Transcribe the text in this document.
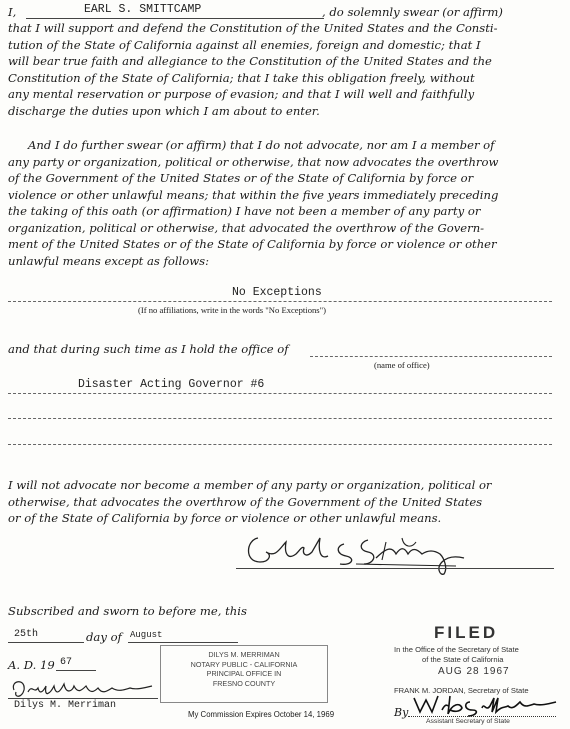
I,	EARL S. SMITTCAMP	, do solemnly swear (or affirm)
that I will support and defend the Constitution of the United States and the Consti-
tution of the State of California against all enemies, foreign and domestic; that I
will bear true faith and allegiance to the Constitution of the United States and the
Constitution of the State of California; that I take this obligation freely, without
any mental reservation or purpose of evasion; and that I will well and faithfully
discharge the duties upon which I am about to enter.
And I do further swear (or affirm) that I do not advocate, nor am I a member of
any party or organization, political or otherwise, that now advocates the overthrow
of the Government of the United States or of the State of California by force or
violence or other unlawful means; that within the five years immediately preceding
the taking of this oath (or affirmation) I have not been a member of any party or
organization, political or otherwise, that advocated the overthrow of the Govern-
ment of the United States or of the State of California by force or violence or other
unlawful means except as follows:
No Exceptions
(If no affiliations, write in the words "No Exceptions")
and that during such time as I hold the office of
(name of office)
Disaster Acting Governor #6
I will not advocate nor become a member of any party or organization, political or
otherwise, that advocates the overthrow of the Government of the United States
or of the State of California by force or violence or other unlawful means.
Subscribed and sworn to before me, this
25th	day of August
A. D. 19 67
Dilys M. Merriman
My Commission Expires October 14, 1969
DILYS M. MERRIMAN
NOTARY PUBLIC - CALIFORNIA
PRINCIPAL OFFICE IN
FRESNO COUNTY
FILED
In the Office of the Secretary of State
of the State of California
AUG 28 1967
FRANK M. JORDAN, Secretary of State
By
Assistant Secretary of State
